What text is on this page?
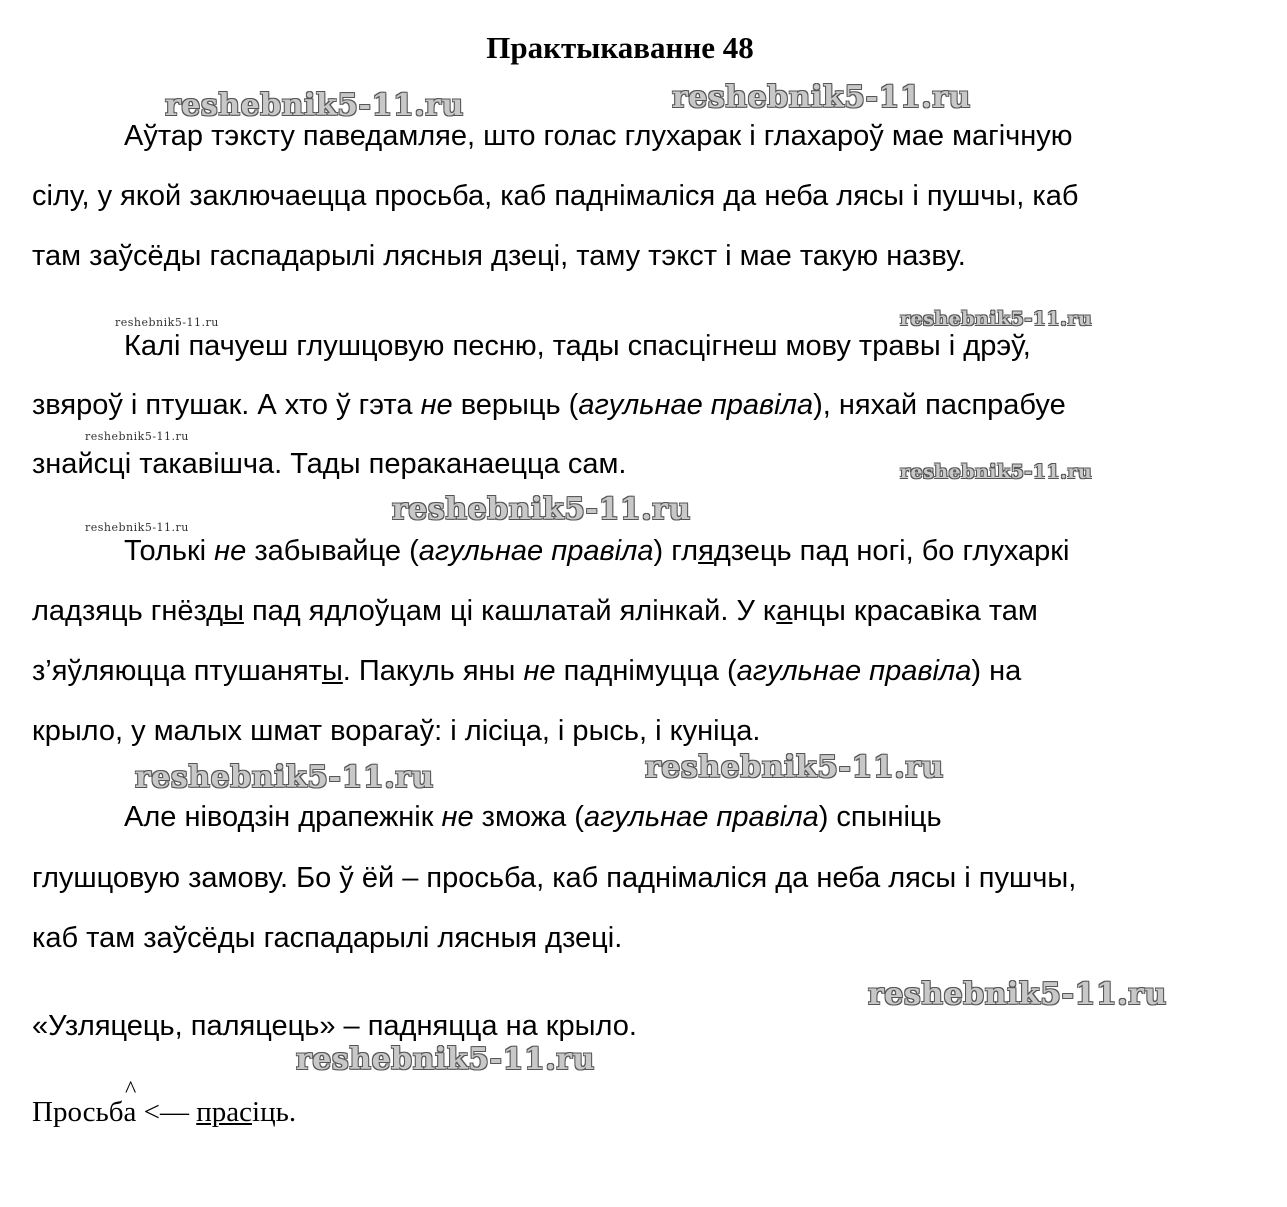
Практыкаванне 48
Аўтар тэксту паведамляе, што голас глухарак і глахароў мае магічную
сілу, у якой заключаецца просьба, каб паднімаліся да неба лясы і пушчы, каб
там заўсёды гаспадарылі лясныя дзеці, таму тэкст і мае такую назву.
Калі пачуеш глушцовую песню, тады спасцігнеш мову травы і дрэў,
звяроў і птушак. А хто ў гэта не верыць (агульнае правіла), няхай паспрабуе
знайсці такавішча. Тады пераканаецца сам.
Толькі не забывайце (агульнае правіла) глядзець пад ногі, бо глухаркі
ладзяць гнёзды пад ядлоўцам ці кашлатай ялінкай. У канцы красавіка там
з’яўляюцца птушаняты. Пакуль яны не паднімуцца (агульнае правіла) на
крыло, у малых шмат ворагаў: і лісіца, і рысь, і куніца.
Але ніводзін драпежнік не зможа (агульнае правіла) спыніць
глушцовую замову. Бо ў ёй – просьба, каб паднімаліся да неба лясы і пушчы,
каб там заўсёды гаспадарылі лясныя дзеці.
«Узляцець, паляцець» – падняцца на крыло.
^
Просьба <— прасіць.
reshebnik5-11.ru	reshebnik5-11.ru
reshebnik5-11.ru	reshebnik5-11.ru
reshebnik5-11.ru
reshebnik5-11.ru
reshebnik5-11.ru
reshebnik5-11.ru
reshebnik5-11.ru	reshebnik5-11.ru
reshebnik5-11.ru
reshebnik5-11.ru
